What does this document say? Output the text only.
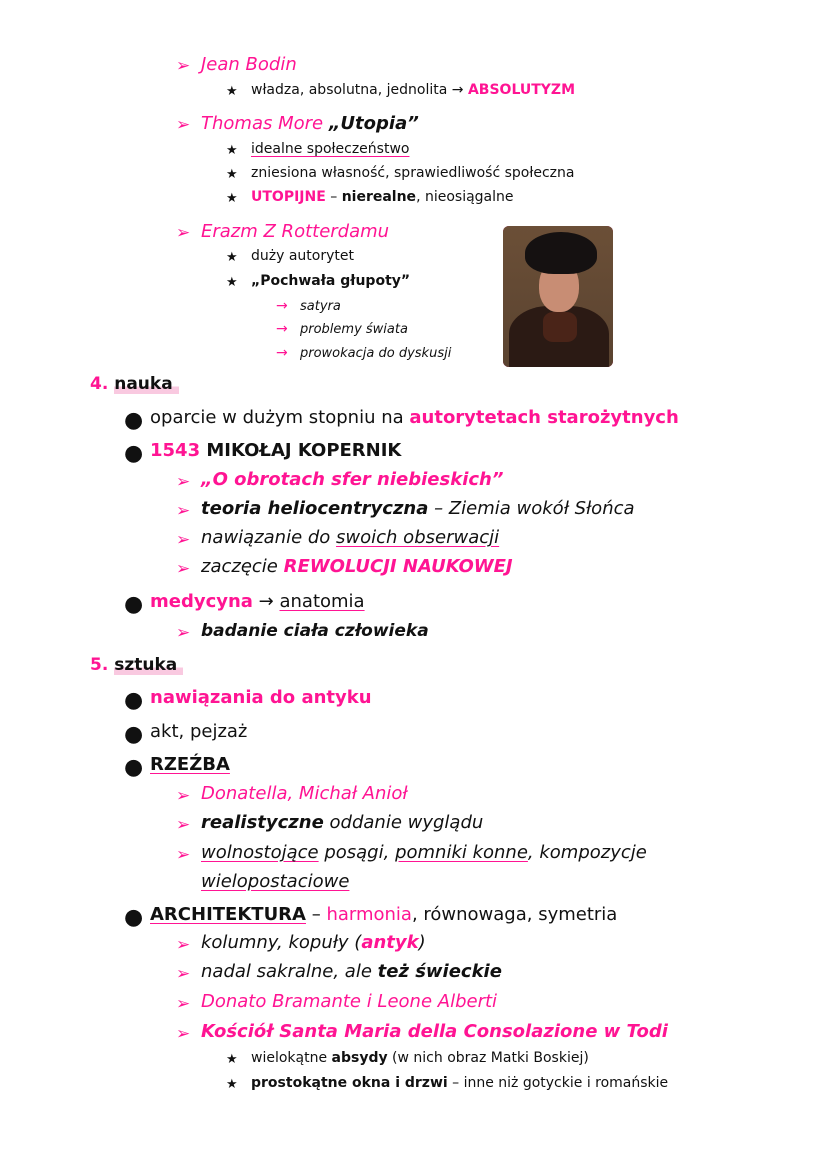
➢ Jean Bodin
★ władza, absolutna, jednolita → ABSOLUTYZM
➢ Thomas More „Utopia”
★ idealne społeczeństwo
★ zniesiona własność, sprawiedliwość społeczna
★ UTOPIJNE – nierealne, nieosiągalne
➢ Erazm Z Rotterdamu
★ duży autorytet
★ „Pochwała głupoty”
→ satyra
→ problemy świata
→ prowokacja do dyskusji
4. nauka
● oparcie w dużym stopniu na autorytetach starożytnych
● 1543 MIKOŁAJ KOPERNIK
➢ „O obrotach sfer niebieskich”
➢ teoria heliocentryczna – Ziemia wokół Słońca
➢ nawiązanie do swoich obserwacji
➢ zaczęcie REWOLUCJI NAUKOWEJ
● medycyna → anatomia
➢ badanie ciała człowieka
5. sztuka
● nawiązania do antyku
● akt, pejzaż
● RZEŹBA
➢ Donatella, Michał Anioł
➢ realistyczne oddanie wyglądu
➢ wolnostojące posągi, pomniki konne, kompozycje
wielopostaciowe
● ARCHITEKTURA – harmonia, równowaga, symetria
➢ kolumny, kopuły (antyk)
➢ nadal sakralne, ale też świeckie
➢ Donato Bramante i Leone Alberti
➢ Kościół Santa Maria della Consolazione w Todi
★ wielokątne absydy (w nich obraz Matki Boskiej)
★ prostokątne okna i drzwi – inne niż gotyckie i romańskie
